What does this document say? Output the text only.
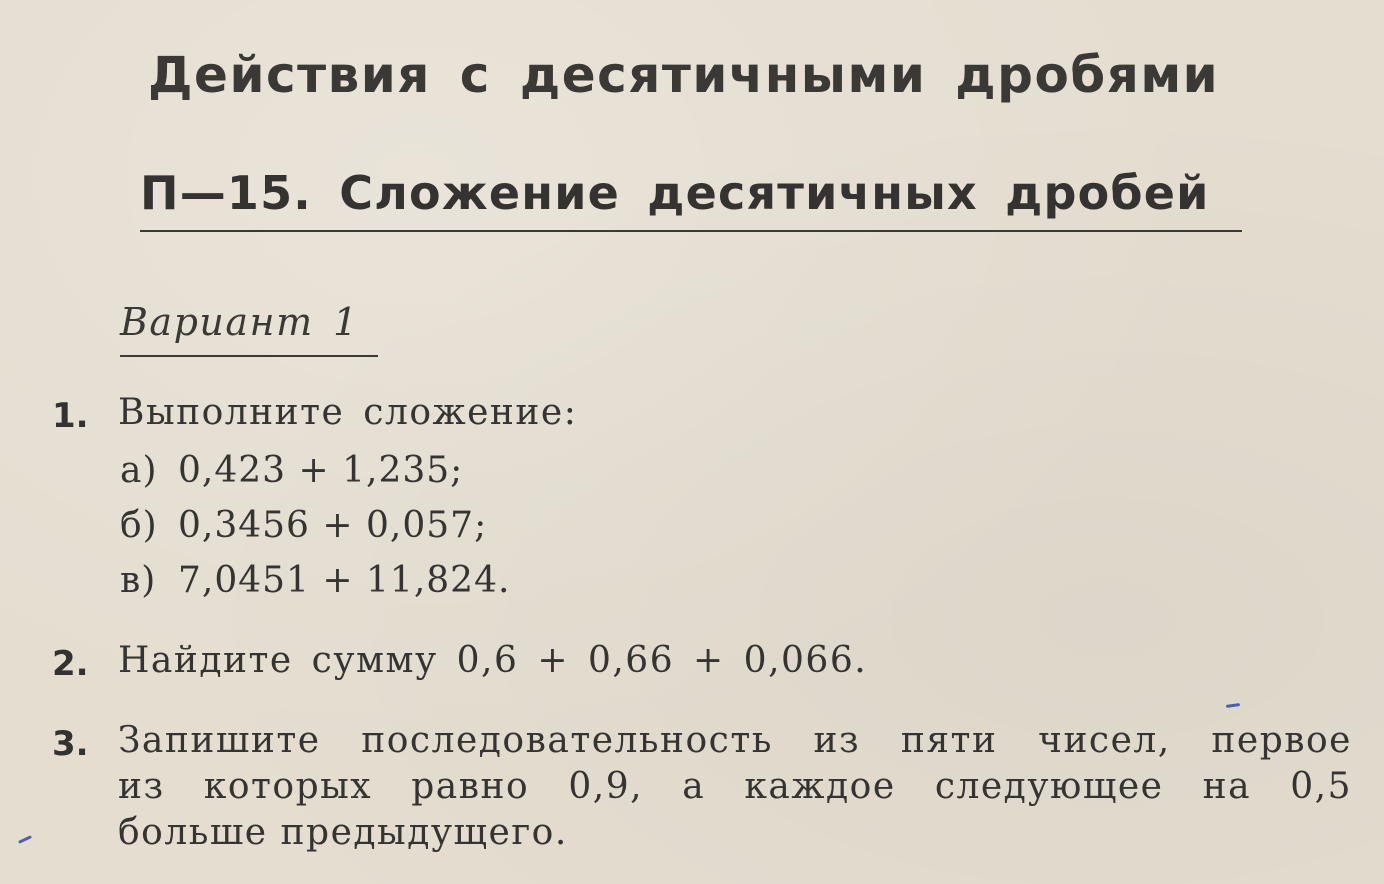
Действия с десятичными дробями
П—15. Сложение десятичных дробей
Вариант 1
1. Выполните сложение:
а) 0,423 + 1,235;
б) 0,3456 + 0,057;
в) 7,0451 + 11,824.
2. Найдите сумму 0,6 + 0,66 + 0,066.
3. Запишите последовательность из пяти чисел, первое
из которых равно 0,9, а каждое следующее на 0,5
больше предыдущего.
